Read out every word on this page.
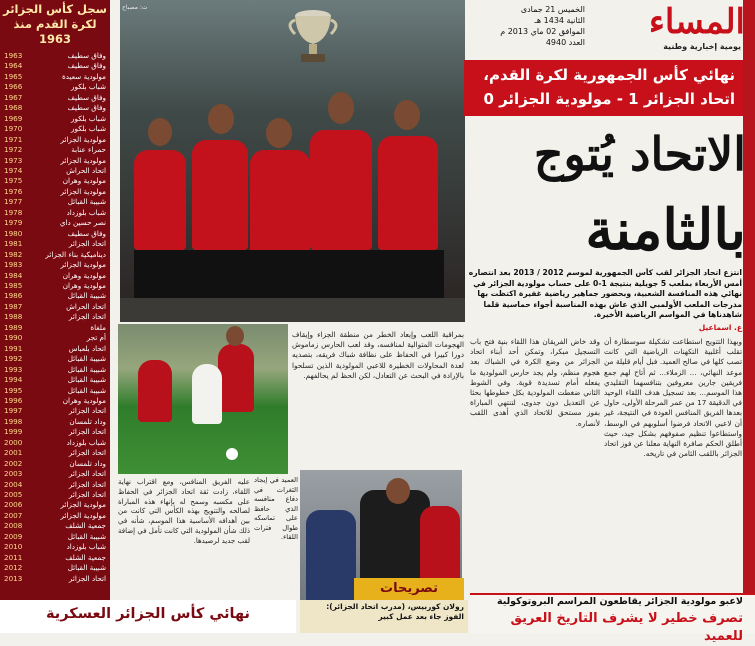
سجل كأس الجزائر
لكرة القدم منذ 1963
وفاق سطيف
1963
وفاق سطيف
1964
مولودية سعيدة
1965
شباب بلكور
1966
وفاق سطيف
1967
وفاق سطيف
1968
شباب بلكور
1969
شباب بلكور
1970
مولودية الجزائر
1971
حمراء عنابة
1972
مولودية الجزائر
1973
اتحاد الحراش
1974
مولودية وهران
1975
مولودية الجزائر
1976
شبيبة القبائل
1977
شباب بلوزداد
1978
نصر حسين داي
1979
وفاق سطيف
1980
اتحاد الجزائر
1981
ديناميكية بناء الجزائر
1982
مولودية الجزائر
1983
مولودية وهران
1984
مولودية وهران
1985
شبيبة القبائل
1986
اتحاد الحراش
1987
اتحاد الجزائر
1988
ملغاة
1989
أم تجر
1990
اتحاد بلعباس
1991
شبيبة القبائل
1992
شبيبة القبائل
1993
شبيبة القبائل
1994
شبيبة القبائل
1995
مولودية وهران
1996
اتحاد الجزائر
1997
وداد تلمسان
1998
اتحاد الجزائر
1999
شباب بلوزداد
2000
اتحاد الجزائر
2001
وداد تلمسان
2002
اتحاد الجزائر
2003
اتحاد الجزائر
2004
اتحاد الجزائر
2005
مولودية الجزائر
2006
مولودية الجزائر
2007
جمعية الشلف
2008
شبيبة القبائل
2009
شباب بلوزداد
2010
جمعية الشلف
2011
شبيبة القبائل
2012
اتحاد الجزائر
2013
المساء
يومية إخبارية وطنية
الخميس 21 جمادى
الثانية 1434 هـ
الموافق 02 ماي 2013 م
العدد 4940
ت: مصباح
نهائي كأس الجمهورية لكرة القدم،
اتحاد الجزائر 1 - مولودية الجزائر 0
الاتحاد يُتوج
بالثامنة
انتزع اتحاد الجزائر لقب كأس الجمهورية لموسم 2012 / 2013 بعد انتصاره أمس الأربعاء بملعب 5 جويلية بنتيجة 1-0 على حساب مولودية الجزائر في نهائي هذه المنافسة الشعبية، وبحضور جماهير رياضية غفيرة اكتظت بها مدرجات الملعب الأولمبي الذي عاش بهذه المناسبة أجواء حماسية قلما شاهدناها في المواسم الرياضية الأخيرة.
ع. اسماعيل
وبهذا التتويج استطاعت تشكيلة سوسطارة أن تقلب أغلبية التكهنات الرياضية التي كانت تصب كلها في صالح العميد. فبل أيام قليلة من موعد النهائي، ... الزملاء... ثم أتاح لهم جمع فريقين جارين معروفين بتنافسهما التقليدي هذا الموسم... بعد تسجيل هدف اللقاء الوحيد في الدقيقة 17 من عمر المرحلة الأولى، حاول بعدها الفريق المنافس العودة في النتيجة، غير أن لاعبي الاتحاد فرضوا أسلوبهم في الوسط، واستطاعوا تنظيم صفوفهم بشكل جيد، حيث أطلق الحكم صافرة النهاية معلنا عن فوز اتحاد الجزائر باللقب الثامن في تاريخه.
وقد خاض الفريقان هذا اللقاء بنية فتح باب التسجيل مبكرا، وتمكن أحد أبناء اتحاد الجزائر من وضع الكرة في الشباك بعد هجوم منظم، ولم يجد حارس المولودية ما يفعله أمام تسديدة قوية. وفي الشوط الثاني ضغطت المولودية بكل خطوطها بحثا عن التعديل دون جدوى، لتنتهي المباراة بفوز مستحق للاتحاد الذي أهدى اللقب لأنصاره.
بمراقبة اللعب وإبعاد الخطر من منطقة الجزاء وإيقاف الهجومات المتوالية لمنافسه، وقد لعب الحارس زماموش دورا كبيرا في الحفاظ على نظافة شباك فريقه، بتصديه لعدة المحاولات الخطيرة للاعبي المولودية الذين تسلحوا بالإرادة في البحث عن التعادل، لكن الحظ لم يحالفهم.
العميد في إيجاد الثغرات في دفاع منافسه الذي حافظ على تماسكه طوال فترات اللقاء.
عليه الفريق المنافس، ومع اقتراب نهاية اللقاء، زادت ثقة اتحاد الجزائر في الحفاظ على مكسبه وسمح له بإنهاء هذه المباراة لصالحه والتتويج بهذه الكأس التي كانت من بين أهدافه الأساسية هذا الموسم، شأنه في ذلك شأن المولودية التي كانت تأمل في إضافة لقب جديد لرصيدها.
تصريحات
رولان كوربيس، (مدرب اتحاد الجزائر): الفوز جاء بعد عمل كبير
نهائي كأس الجزائر العسكرية
لاعبو مولودية الجزائر يقاطعون المراسم البروتوكولية
تصرف خطير لا يشرف التاريخ العريق للعميد
